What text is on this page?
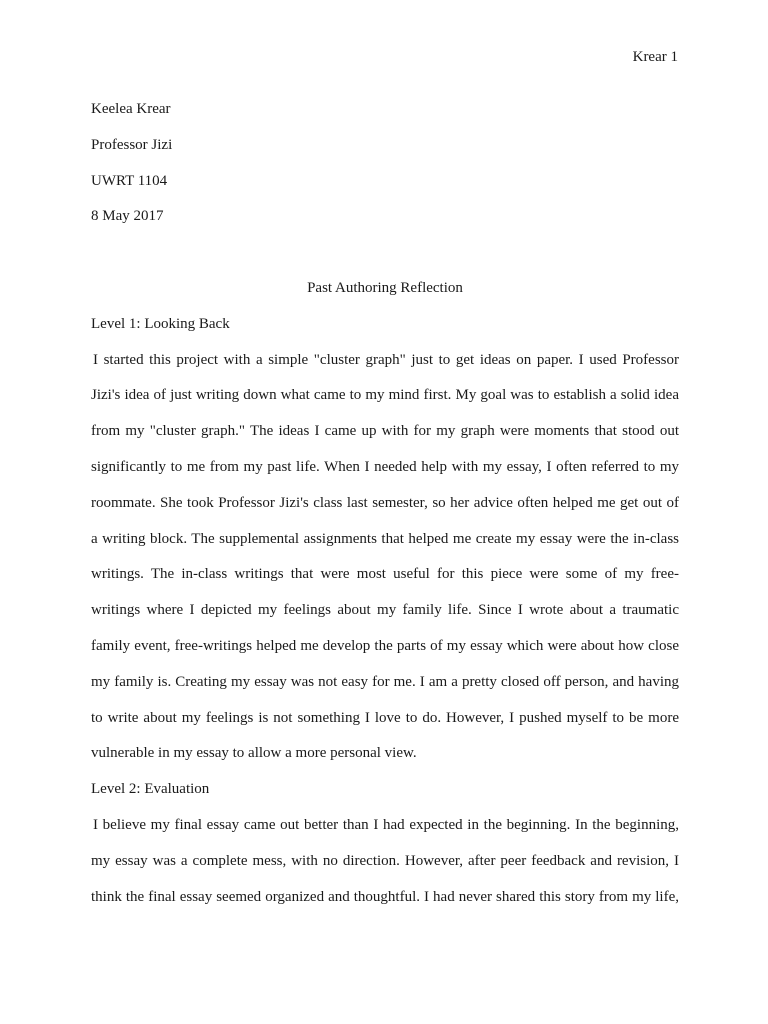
Krear 1
Keelea Krear
Professor Jizi
UWRT 1104
8 May 2017
Past Authoring Reflection
Level 1: Looking Back
I started this project with a simple "cluster graph" just to get ideas on paper. I used Professor
Jizi's idea of just writing down what came to my mind first. My goal was to establish a solid idea
from my "cluster graph." The ideas I came up with for my graph were moments that stood out
significantly to me from my past life. When I needed help with my essay, I often referred to my
roommate. She took Professor Jizi's class last semester, so her advice often helped me get out of
a writing block. The supplemental assignments that helped me create my essay were the in-class
writings. The in-class writings that were most useful for this piece were some of my free-
writings where I depicted my feelings about my family life. Since I wrote about a traumatic
family event, free-writings helped me develop the parts of my essay which were about how close
my family is. Creating my essay was not easy for me. I am a pretty closed off person, and having
to write about my feelings is not something I love to do. However, I pushed myself to be more
vulnerable in my essay to allow a more personal view.
Level 2: Evaluation
I believe my final essay came out better than I had expected in the beginning. In the beginning,
my essay was a complete mess, with no direction. However, after peer feedback and revision, I
think the final essay seemed organized and thoughtful. I had never shared this story from my life,
